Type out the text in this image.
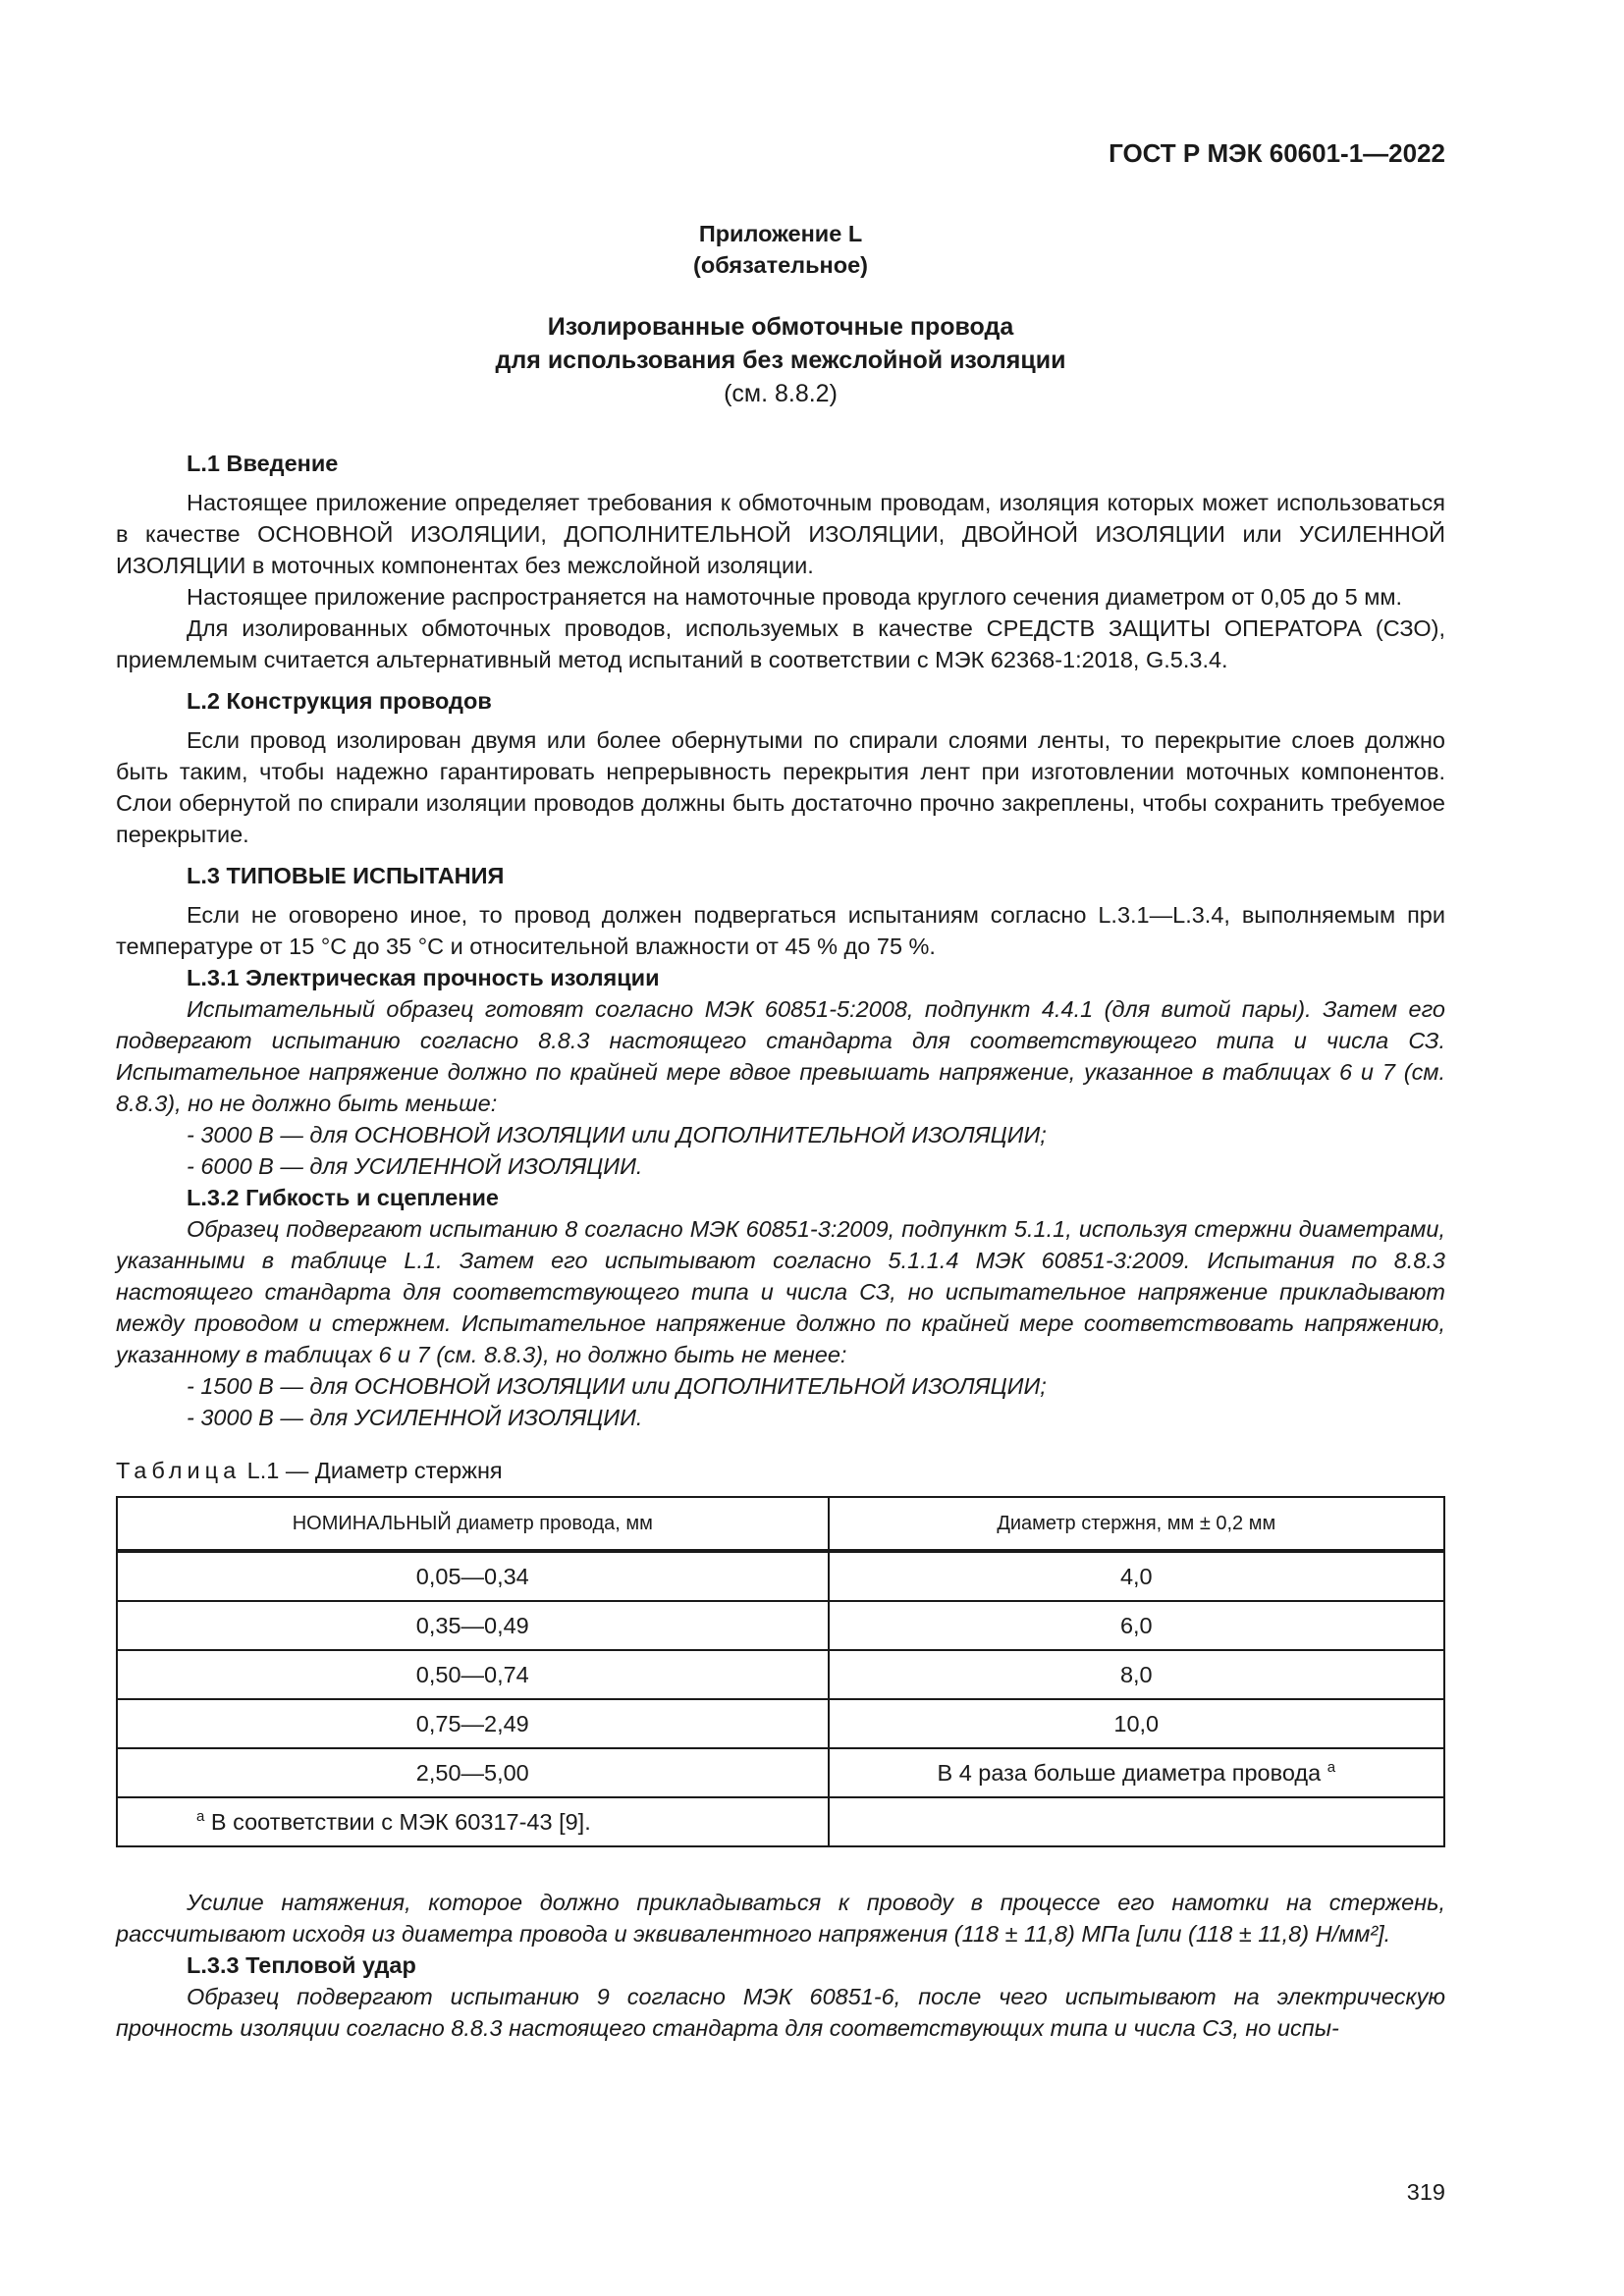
ГОСТ Р МЭК 60601-1—2022
Приложение L
(обязательное)
Изолированные обмоточные провода
для использования без межслойной изоляции
(см. 8.8.2)
L.1 Введение

Настоящее приложение определяет требования к обмоточным проводам, изоляция которых может использоваться в качестве ОСНОВНОЙ ИЗОЛЯЦИИ, ДОПОЛНИТЕЛЬНОЙ ИЗОЛЯЦИИ, ДВОЙНОЙ ИЗОЛЯЦИИ или УСИЛЕННОЙ ИЗОЛЯЦИИ в моточных компонентах без межслойной изоляции.

Настоящее приложение распространяется на намоточные провода круглого сечения диаметром от 0,05 до 5 мм.

Для изолированных обмоточных проводов, используемых в качестве СРЕДСТВ ЗАЩИТЫ ОПЕРАТОРА (СЗО), приемлемым считается альтернативный метод испытаний в соответствии с МЭК 62368-1:2018, G.5.3.4.

L.2 Конструкция проводов

Если провод изолирован двумя или более обернутыми по спирали слоями ленты, то перекрытие слоев должно быть таким, чтобы надежно гарантировать непрерывность перекрытия лент при изготовлении моточных компонентов. Слои обернутой по спирали изоляции проводов должны быть достаточно прочно закреплены, чтобы сохранить требуемое перекрытие.

L.3 ТИПОВЫЕ ИСПЫТАНИЯ

Если не оговорено иное, то провод должен подвергаться испытаниям согласно L.3.1—L.3.4, выполняемым при температуре от 15 °С до 35 °С и относительной влажности от 45 % до 75 %.

L.3.1 Электрическая прочность изоляции

Испытательный образец готовят согласно МЭК 60851-5:2008, подпункт 4.4.1 (для витой пары). Затем его подвергают испытанию согласно 8.8.3 настоящего стандарта для соответствующего типа и числа СЗ. Испытательное напряжение должно по крайней мере вдвое превышать напряжение, указанное в таблицах 6 и 7 (см. 8.8.3), но не должно быть меньше:

- 3000 В — для ОСНОВНОЙ ИЗОЛЯЦИИ или ДОПОЛНИТЕЛЬНОЙ ИЗОЛЯЦИИ;
- 6000 В — для УСИЛЕННОЙ ИЗОЛЯЦИИ.
L.3.2 Гибкость и сцепление

Образец подвергают испытанию 8 согласно МЭК 60851-3:2009, подпункт 5.1.1, используя стержни диаметрами, указанными в таблице L.1. Затем его испытывают согласно 5.1.1.4 МЭК 60851-3:2009. Испытания по 8.8.3 настоящего стандарта для соответствующего типа и числа СЗ, но испытательное напряжение прикладывают между проводом и стержнем. Испытательное напряжение должно по крайней мере соответствовать напряжению, указанному в таблицах 6 и 7 (см. 8.8.3), но должно быть не менее:

- 1500 В — для ОСНОВНОЙ ИЗОЛЯЦИИ или ДОПОЛНИТЕЛЬНОЙ ИЗОЛЯЦИИ;
- 3000 В — для УСИЛЕННОЙ ИЗОЛЯЦИИ.
Таблица L.1 — Диаметр стержня
НОМИНАЛЬНЫЙ диаметр провода, мм	Диаметр стержня, мм ± 0,2 мм
0,05—0,34	4,0
0,35—0,49	6,0
0,50—0,74	8,0
0,75—2,49	10,0
2,50—5,00	В 4 раза больше диаметра провода $^a$
$^a$ В соответствии с МЭК 60317-43 [9].	

Усилие натяжения, которое должно прикладываться к проводу в процессе его намотки на стержень, рассчитывают исходя из диаметра провода и эквивалентного напряжения (118 ± 11,8) МПа [или (118 ± 11,8) Н/мм²].

L.3.3 Тепловой удар

Образец подвергают испытанию 9 согласно МЭК 60851-6, после чего испытывают на электрическую прочность изоляции согласно 8.8.3 настоящего стандарта для соответствующих типа и числа СЗ, но испы-

319
